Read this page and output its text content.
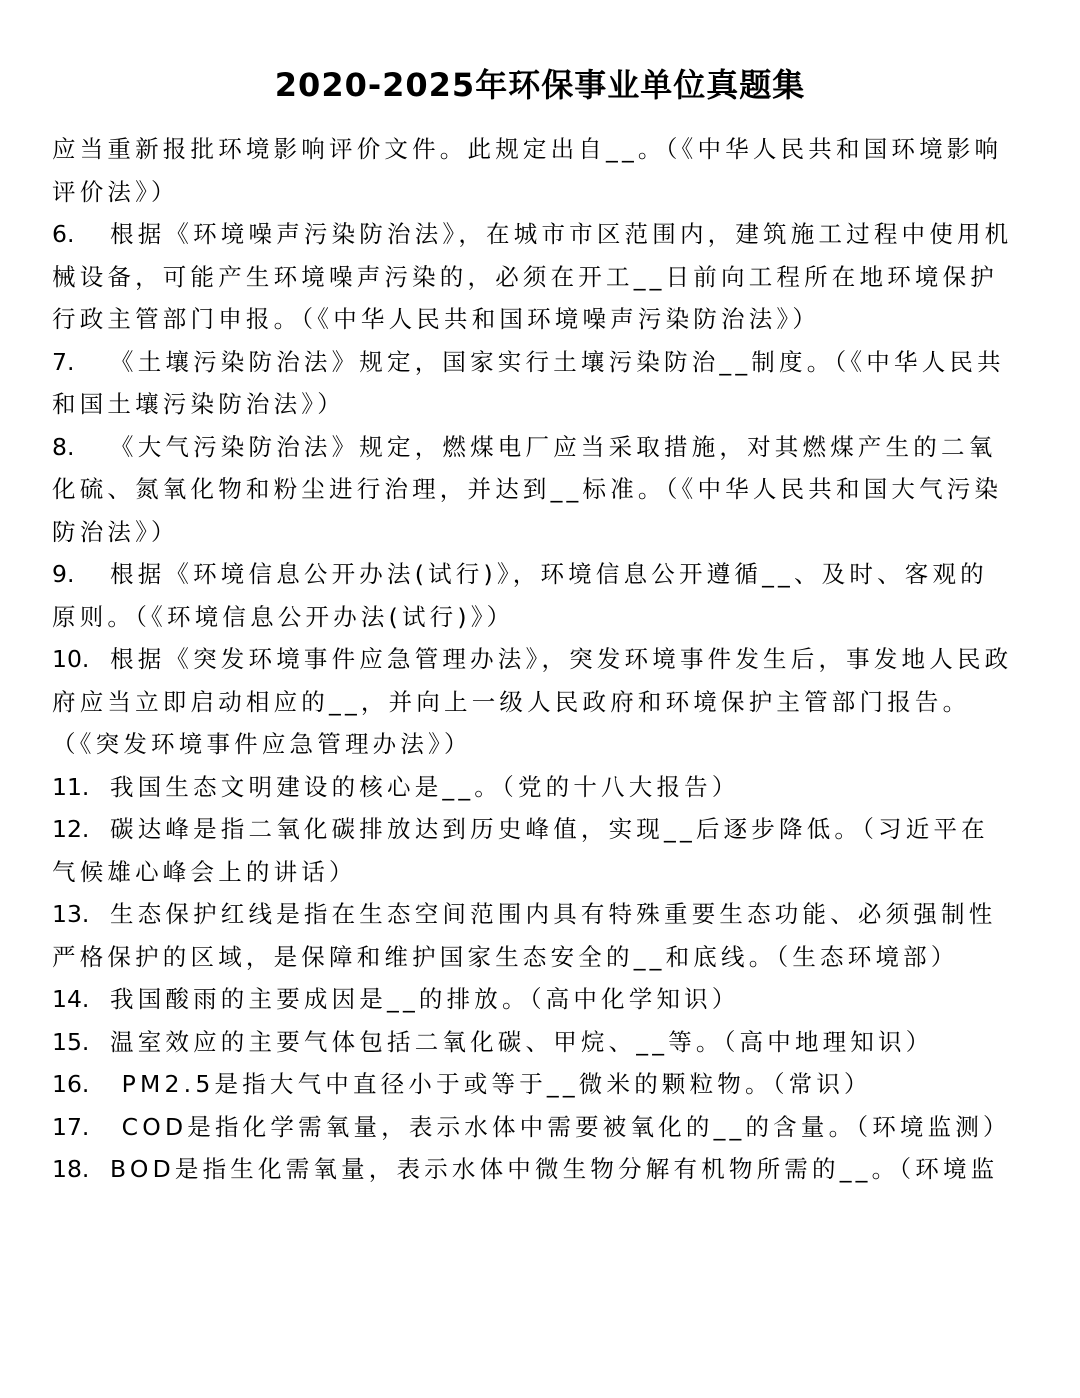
2020-2025年环保事业单位真题集

应当重新报批环境影响评价文件。此规定出自__。（《中华人民共和国环境影响评价法》）

6. 根据《环境噪声污染防治法》，在城市市区范围内，建筑施工过程中使用机械设备，可能产生环境噪声污染的，必须在开工__日前向工程所在地环境保护行政主管部门申报。（《中华人民共和国环境噪声污染防治法》）

7. 《土壤污染防治法》规定，国家实行土壤污染防治__制度。（《中华人民共和国土壤污染防治法》）

8. 《大气污染防治法》规定，燃煤电厂应当采取措施，对其燃煤产生的二氧化硫、氮氧化物和粉尘进行治理，并达到__标准。（《中华人民共和国大气污染防治法》）

9. 根据《环境信息公开办法(试行)》，环境信息公开遵循__、及时、客观的原则。（《环境信息公开办法(试行)》）

10. 根据《突发环境事件应急管理办法》，突发环境事件发生后，事发地人民政府应当立即启动相应的__，并向上一级人民政府和环境保护主管部门报告。（《突发环境事件应急管理办法》）

11. 我国生态文明建设的核心是__。（党的十八大报告）

12. 碳达峰是指二氧化碳排放达到历史峰值，实现__后逐步降低。（习近平在气候雄心峰会上的讲话）

13. 生态保护红线是指在生态空间范围内具有特殊重要生态功能、必须强制性严格保护的区域，是保障和维护国家生态安全的__和底线。（生态环境部）

14. 我国酸雨的主要成因是__的排放。（高中化学知识）

15. 温室效应的主要气体包括二氧化碳、甲烷、__等。（高中地理知识）

16. PM2.5是指大气中直径小于或等于__微米的颗粒物。（常识）

17. COD是指化学需氧量，表示水体中需要被氧化的__的含量。（环境监测）

18. BOD是指生化需氧量，表示水体中微生物分解有机物所需的__。（环境监
